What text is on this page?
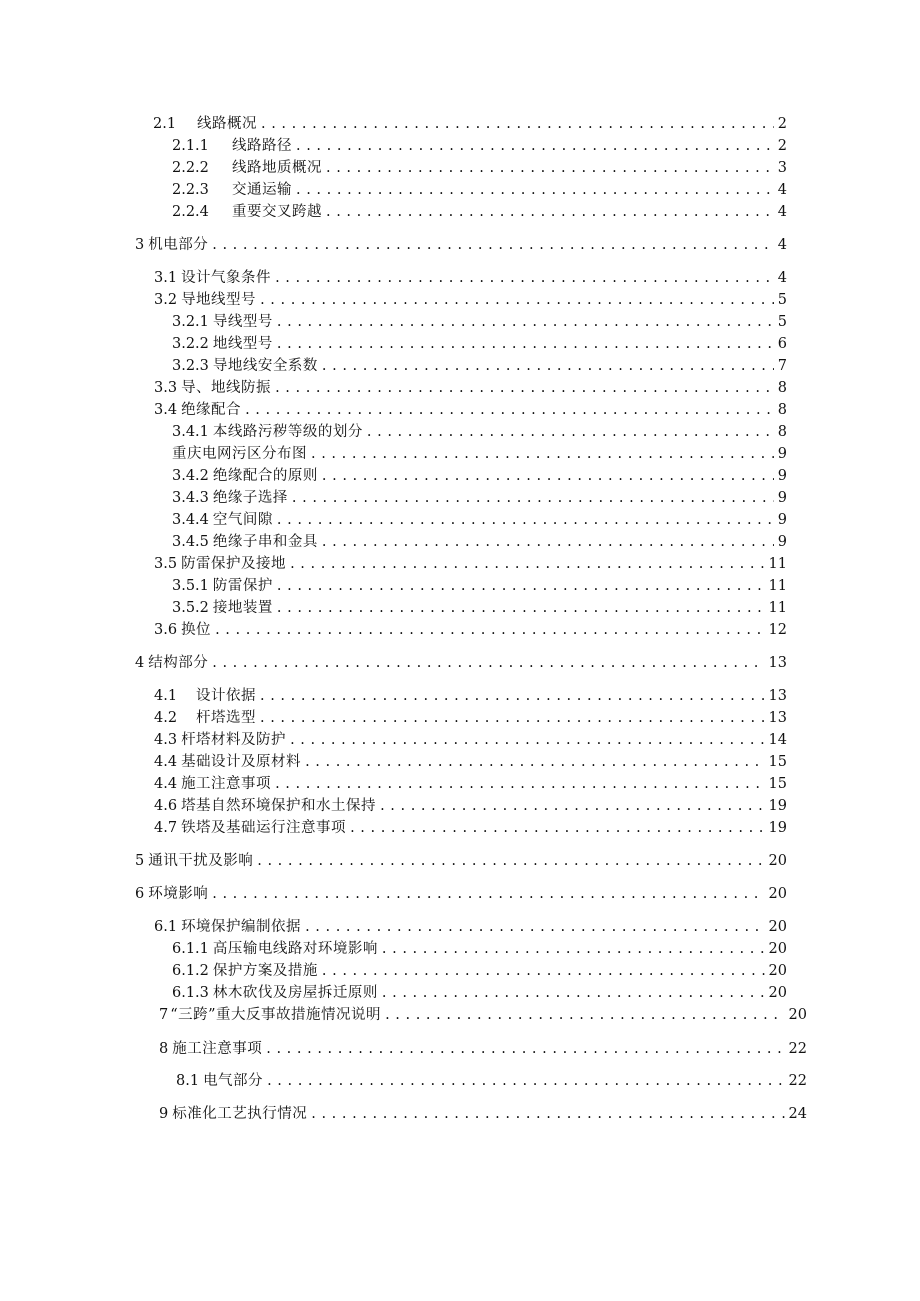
2.1	线路概况 . . .	2
2.1.1	线路路径 . . .	2
2.2.2	线路地质概况 . . .	3
2.2.3	交通运输 . . .	4
2.2.4	重要交叉跨越 . . .	4
3 机电部分 . . .	4
3.1 设计气象条件 . . .	4
3.2 导地线型号 . . .	5
3.2.1 导线型号 . . .	5
3.2.2 地线型号 . . .	6
3.2.3 导地线安全系数 . . .	7
3.3 导、地线防振 . . .	8
3.4 绝缘配合 . . .	8
3.4.1 本线路污秽等级的划分 . . .	8
重庆电网污区分布图 . . .	9
3.4.2 绝缘配合的原则 . . .	9
3.4.3 绝缘子选择 . . .	9
3.4.4 空气间隙 . . .	9
3.4.5 绝缘子串和金具 . . .	9
3.5 防雷保护及接地 . . .	11
3.5.1 防雷保护 . . .	11
3.5.2 接地装置 . . .	11
3.6 换位 . . .	12
4 结构部分 . . .	13
4.1	设计依据 . . .	13
4.2	杆塔选型 . . .	13
4.3 杆塔材料及防护 . . .	14
4.4 基础设计及原材料 . . .	15
4.4 施工注意事项 . . .	15
4.6 塔基自然环境保护和水土保持 . . .	19
4.7 铁塔及基础运行注意事项 . . .	19
5 通讯干扰及影响 . . .	20
6 环境影响 . . .	20
6.1 环境保护编制依据 . . .	20
6.1.1 高压输电线路对环境影响 . . .	20
6.1.2 保护方案及措施 . . .	20
6.1.3 林木砍伐及房屋拆迁原则 . . .	20
7 “三跨”重大反事故措施情况说明 . . .	20
8 施工注意事项 . . .	22
8.1 电气部分 . . .	22
9 标准化工艺执行情况 . . .	24
